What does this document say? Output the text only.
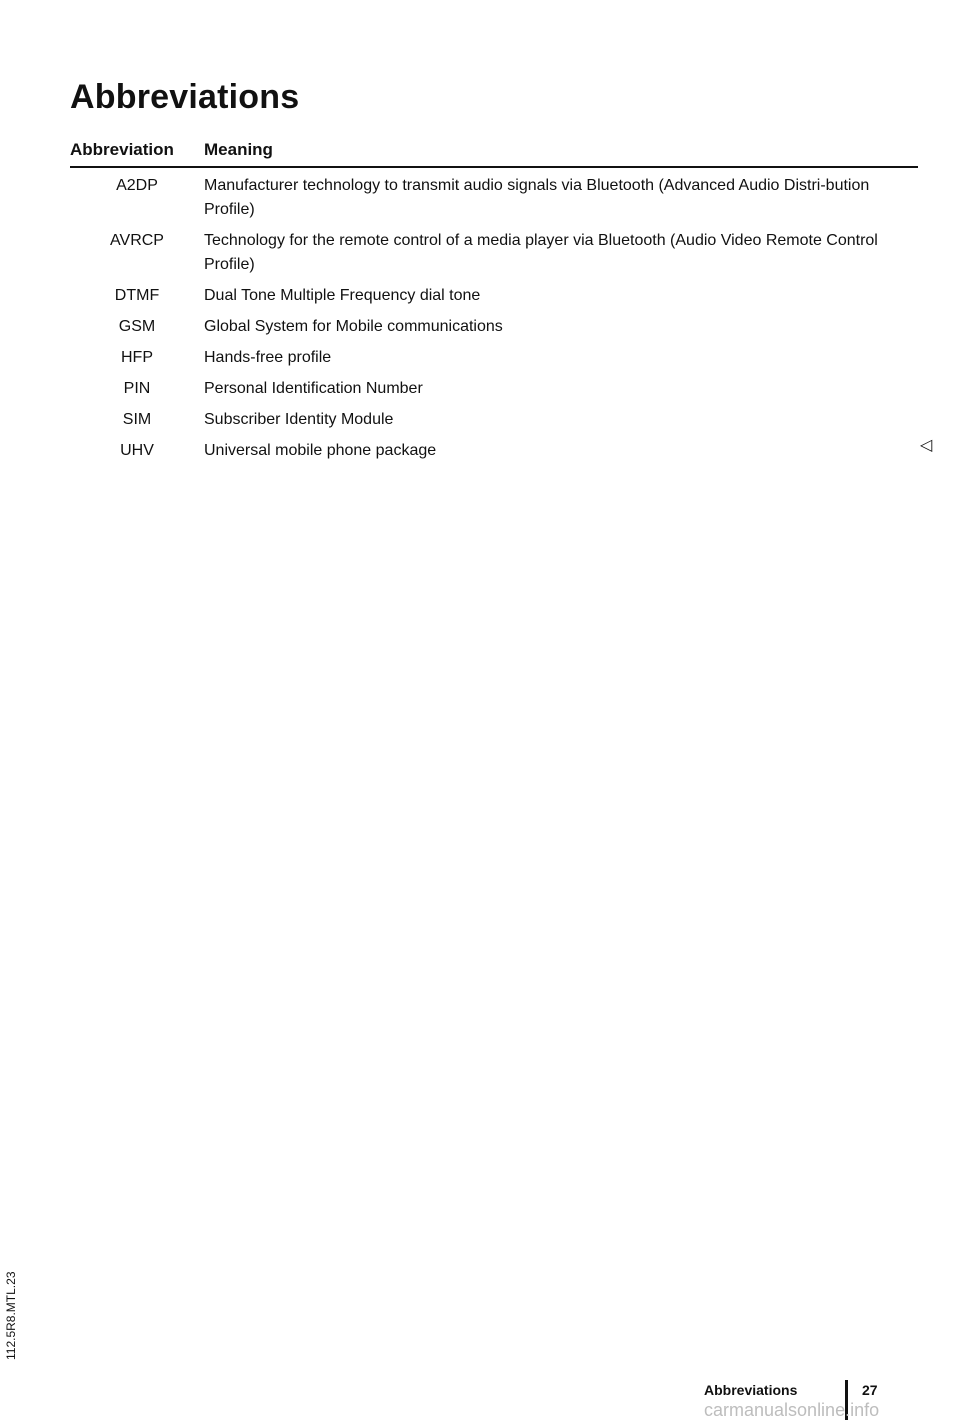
Abbreviations
Abbreviation	Meaning
A2DP	Manufacturer technology to transmit audio signals via Bluetooth (Advanced Audio Distri-bution Profile)
AVRCP	Technology for the remote control of a media player via Bluetooth (Audio Video Remote Control Profile)
DTMF	Dual Tone Multiple Frequency dial tone
GSM	Global System for Mobile communications
HFP	Hands-free profile
PIN	Personal Identification Number
SIM	Subscriber Identity Module
UHV	Universal mobile phone package	◁
112.5R8.MTL.23
Abbreviations	27
carmanualsonline.info
